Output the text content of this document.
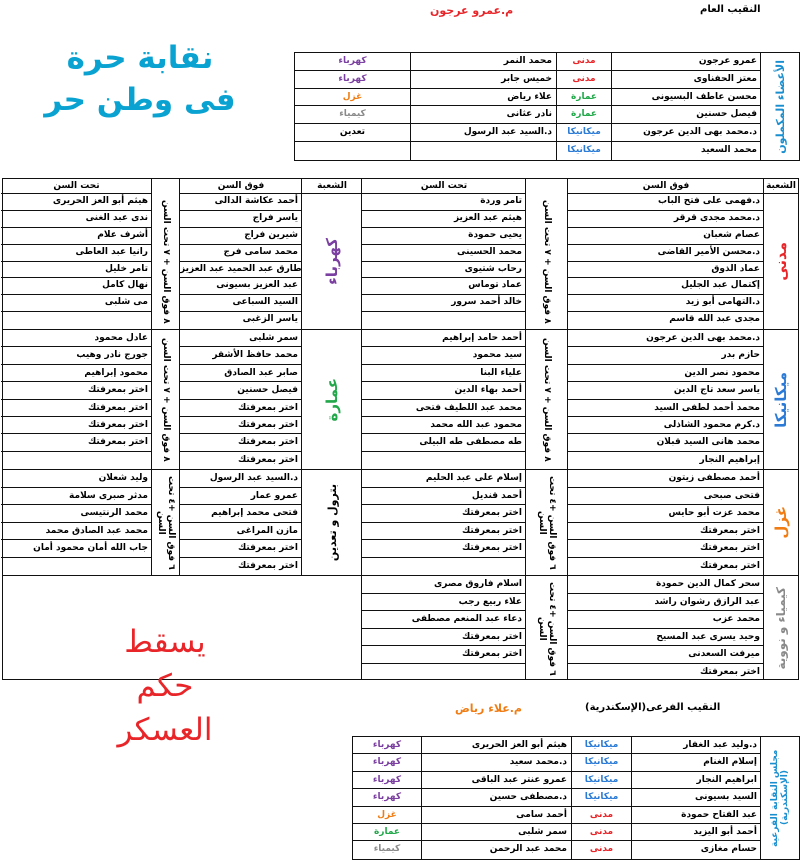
النقيب العام
م.عمرو عرجون
نقابة حرة
فى وطن حر	الأعضاء المكملون
عمرو عرجون
مدنى
محمد النمر
كهرباء
معتز الحفناوى
مدنى
خميس جابر
كهرباء
محسن عاطف البسيونى
عمارة
علاء رياض
غزل
فيصل حسنين
عمارة
نادر عثانى
كيمياء
د.محمد بهى الدين عرجون
ميكانيكا
د.السيد عبد الرسول
تعدين
محمد السعيد
ميكانيكا
الشعبة
فوق السن
تحت السن
الشعبة
فوق السن
تحت السن
د.فهمى على فتح الباب
د.محمد مجدى قرقر
عصام شعبان
د.محسن الأمير القاضى
عماد الذوق
إكتمال عبد الجليل
د.التهامى أبو زيد
مجدى عبد الله قاسم
د.محمد بهى الدين عرجون
حازم بدر
محمود نصر الدين
ياسر سعد تاج الدين
محمد أحمد لطفى السيد
د.كرم محمود الشاذلى
محمد هانى السيد قبلان
إبراهيم النجار
أحمد مصطفى زيتون
فتحى صبحى
محمد عزت أبو حايس
اختر بمعرفتك
اختر بمعرفتك
اختر بمعرفتك
سحر كمال الدين حمودة
عبد الرازق رشوان راشد
محمد عزب
وحيد يسرى عبد المسيح
ميرفت السعدنى
اختر بمعرفتك
تامر وردة
هيثم عبد العزيز
يحيى حمودة
محمد الحسينى
رحاب شتيوى
عماد توماس
خالد أحمد سرور
أحمد حامد إبراهيم
سيد محمود
علياء البنا
أحمد بهاء الدين
محمد عبد اللطيف فتحى
محمود عبد الله محمد
طه مصطفى طه البيلى
إسلام على عبد الحليم
أحمد قنديل
اختر بمعرفتك
اختر بمعرفتك
اختر بمعرفتك
اسلام فاروق مصرى
علاء ربيع رجب
دعاء عبد المنعم مصطفى
اختر بمعرفتك
اختر بمعرفتك
أحمد عكاشة الدالى
ياسر فراج
شيرين فراج
محمد سامى فرج
طارق عبد الحميد عبد العزيز
عبد العزيز بسيونى
السيد السباعى
ياسر الزغبى
سمر شلبى
محمد حافظ الأشقر
صابر عبد الصادق
فيصل حسنين
اختر بمعرفتك
اختر بمعرفتك
اختر بمعرفتك
اختر بمعرفتك
د.السيد عبد الرسول
عمرو عمار
فتحى محمد إبراهيم
مازن المراغى
اختر بمعرفتك
اختر بمعرفتك
هيثم أبو العز الحريرى
ندى عبد الغنى
أشرف علام
رانيا عبد العاطى
تامر خليل
نهال كامل
مى شلبى
عادل محمود
جورج نادر وهيب
محمود إبراهيم
اختر بمعرفتك
اختر بمعرفتك
اختر بمعرفتك
اختر بمعرفتك
وليد شعلان
مدثر صبرى سلامة
محمد الرنتيسى
محمد عبد الصادق محمد
جاب الله أمان محمود أمان
مدنى
ميكانيكا
غزل
كيمياء و نووية
كهرباء
عمارة
بترول و تعدين
٨ فوق السن + ٧ تحت السن
٨ فوق السن + ٧ تحت السن
٦ فوق السن +٤ تحت السن
٦ فوق السن +٤ تحت السن
٨ فوق السن + ٧ تحت السن
٨ فوق السن + ٧ تحت السن
٦ فوق السن +٤ تحت السن
يسقط
حكم
العسكر
النقيب الفرعى(الإسكندرية)
م.علاء رياض
مجلس النقابة الفرعية (الإسكندرية)
د.وليد عبد الغفار
ميكانيكا
هيثم أبو العز الحريرى
كهرباء
إسلام الغنام
ميكانيكا
د.محمد سعيد
كهرباء
ابراهيم النجار
ميكانيكا
عمرو عنتر عبد الباقى
كهرباء
السيد بسيونى
ميكانيكا
د.مصطفى حسين
كهرباء
عبد الفتاح حمودة
مدنى
أحمد سامى
غزل
أحمد أبو اليزيد
مدنى
سمر شلبى
عمارة
حسام مغازى
مدنى
محمد عبد الرحمن
كيمياء
